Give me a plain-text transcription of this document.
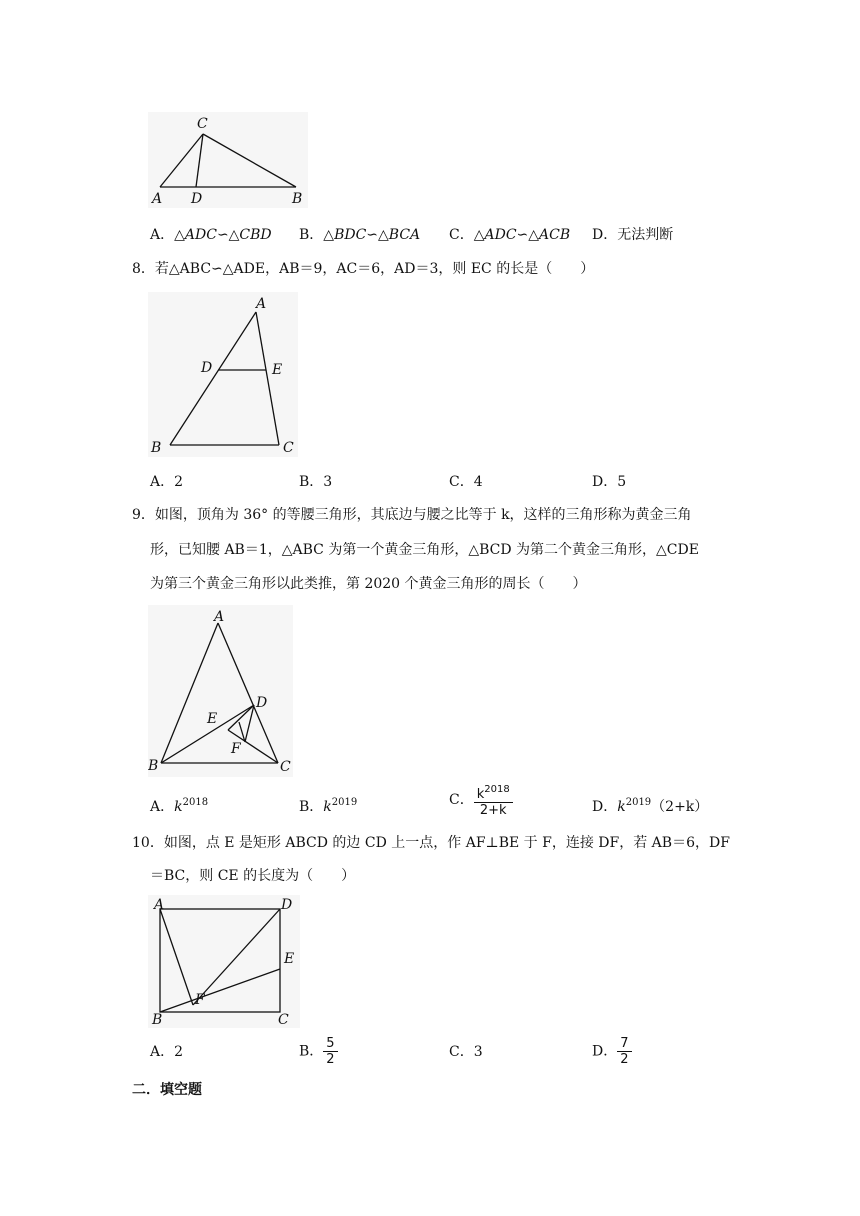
C
A D	B
A．△ADC∽△CBD B．△BDC∽△BCA C．△ADC∽△ACB D．无法判断
8．若△ABC∽△ADE，AB＝9，AC＝6，AD＝3，则 EC 的长是（　　）
A
D	E
B	C
A．2	B．3	C．4	D．5
9．如图，顶角为 36° 的等腰三角形，其底边与腰之比等于 k，这样的三角形称为黄金三角
形，已知腰 AB＝1，△ABC 为第一个黄金三角形，△BCD 为第二个黄金三角形，△CDE
为第三个黄金三角形以此类推，第 2020 个黄金三角形的周长（　　）
A
D
E
F
B	C
A．$k^{2018}$	B．$k^{2019}$	C． $\frac{k^{2018}}{2+k}$	D．$k^{2019}(2+k)$
10．如图，点 E 是矩形 ABCD 的边 CD 上一点，作 AF⊥BE 于 F，连接 DF，若 AB＝6，DF
＝BC，则 CE 的长度为（　　）
A	D
E
F
B	C
A．2	B． $\frac{5}{2}$	C．3	D． $\frac{7}{2}$
二．填空题
